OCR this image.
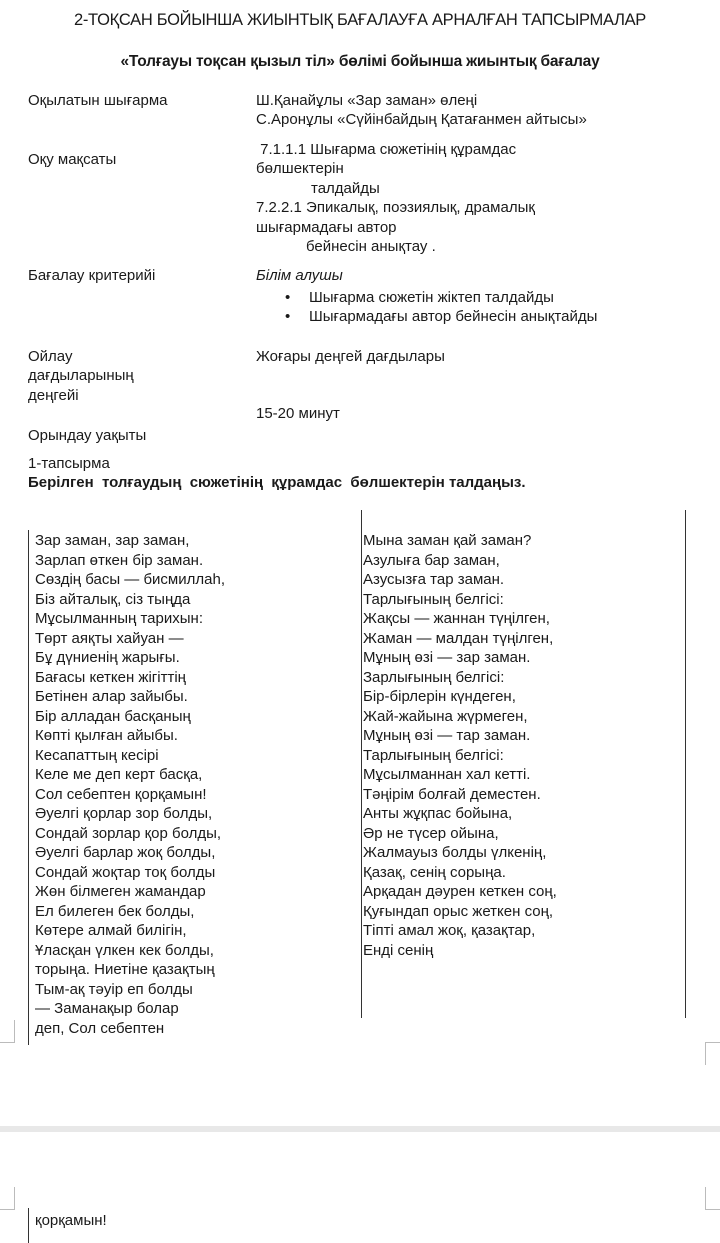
2-ТОҚСАН БОЙЫНША ЖИЫНТЫҚ БАҒАЛАУҒА АРНАЛҒАН ТАПСЫРМАЛАР
«Толғауы тоқсан қызыл тіл» бөлімі бойынша жиынтық бағалау
Оқылатын шығарма	Ш.Қанайұлы «Зар заман» өлеңі
С.Аронұлы «Сүйінбайдың Қатағанмен айтысы»
Оқу мақсаты
7.1.1.1 Шығарма сюжетінің құрамдас
бөлшектерін
талдайды
7.2.2.1 Эпикалық, поэзиялық, драмалық
шығармадағы автор
бейнесін анықтау .
Бағалау критерийі	Білім алушы
• Шығарма сюжетін жіктеп талдайды
• Шығармадағы автор бейнесін анықтайды
Ойлау
дағдыларының
деңгейі
Жоғары деңгей дағдылары
15-20 минут
Орындау уақыты
1-тапсырма
Берілген  толғаудың  сюжетінің  құрамдас  бөлшектерін талдаңыз.
Зар заман, зар заман,
Зарлап өткен бір заман.
Сөздің басы — бисмиллаһ,
Біз айталық, сіз тыңда
Мұсылманның тарихын:
Төрт аяқты хайуан —
Бұ дүниенің жарығы.
Бағасы кеткен жігіттің
Бетінен алар зайыбы.
Бір алладан басқаның
Көпті қылған айыбы.
Кесапаттың кесірі
Келе ме деп керт басқа,
Сол себептен қорқамын!
Әуелгі қорлар зор болды,
Сондай зорлар қор болды,
Әуелгі барлар жоқ болды,
Сондай жоқтар тоқ болды
Жөн білмеген жамандар
Ел билеген бек болды,
Көтере алмай билігін,
Ұласқан үлкен кек болды,
торыңа. Ниетіне қазақтың
Тым-ақ тәуір еп болды
— Заманақыр болар
деп, Сол себептен
Мына заман қай заман?
Азулыға бар заман,
Азусызға тар заман.
Тарлығының белгісі:
Жақсы — жаннан түңілген,
Жаман — малдан түңілген,
Мұның өзі — зар заман.
Зарлығының белгісі:
Бір-бірлерін күндеген,
Жай-жайына жүрмеген,
Мұның өзі — тар заман.
Тарлығының белгісі:
Мұсылманнан хал кетті.
Тәңірім болғай деместен.
Анты жұқпас бойына,
Әр не түсер ойына,
Жалмауыз болды үлкенің,
Қазақ, сенің сорыңа.
Арқадан дәурен кеткен соң,
Қуғындап орыс жеткен соң,
Тіпті амал жоқ, қазақтар,
Енді сенің
қорқамын!
